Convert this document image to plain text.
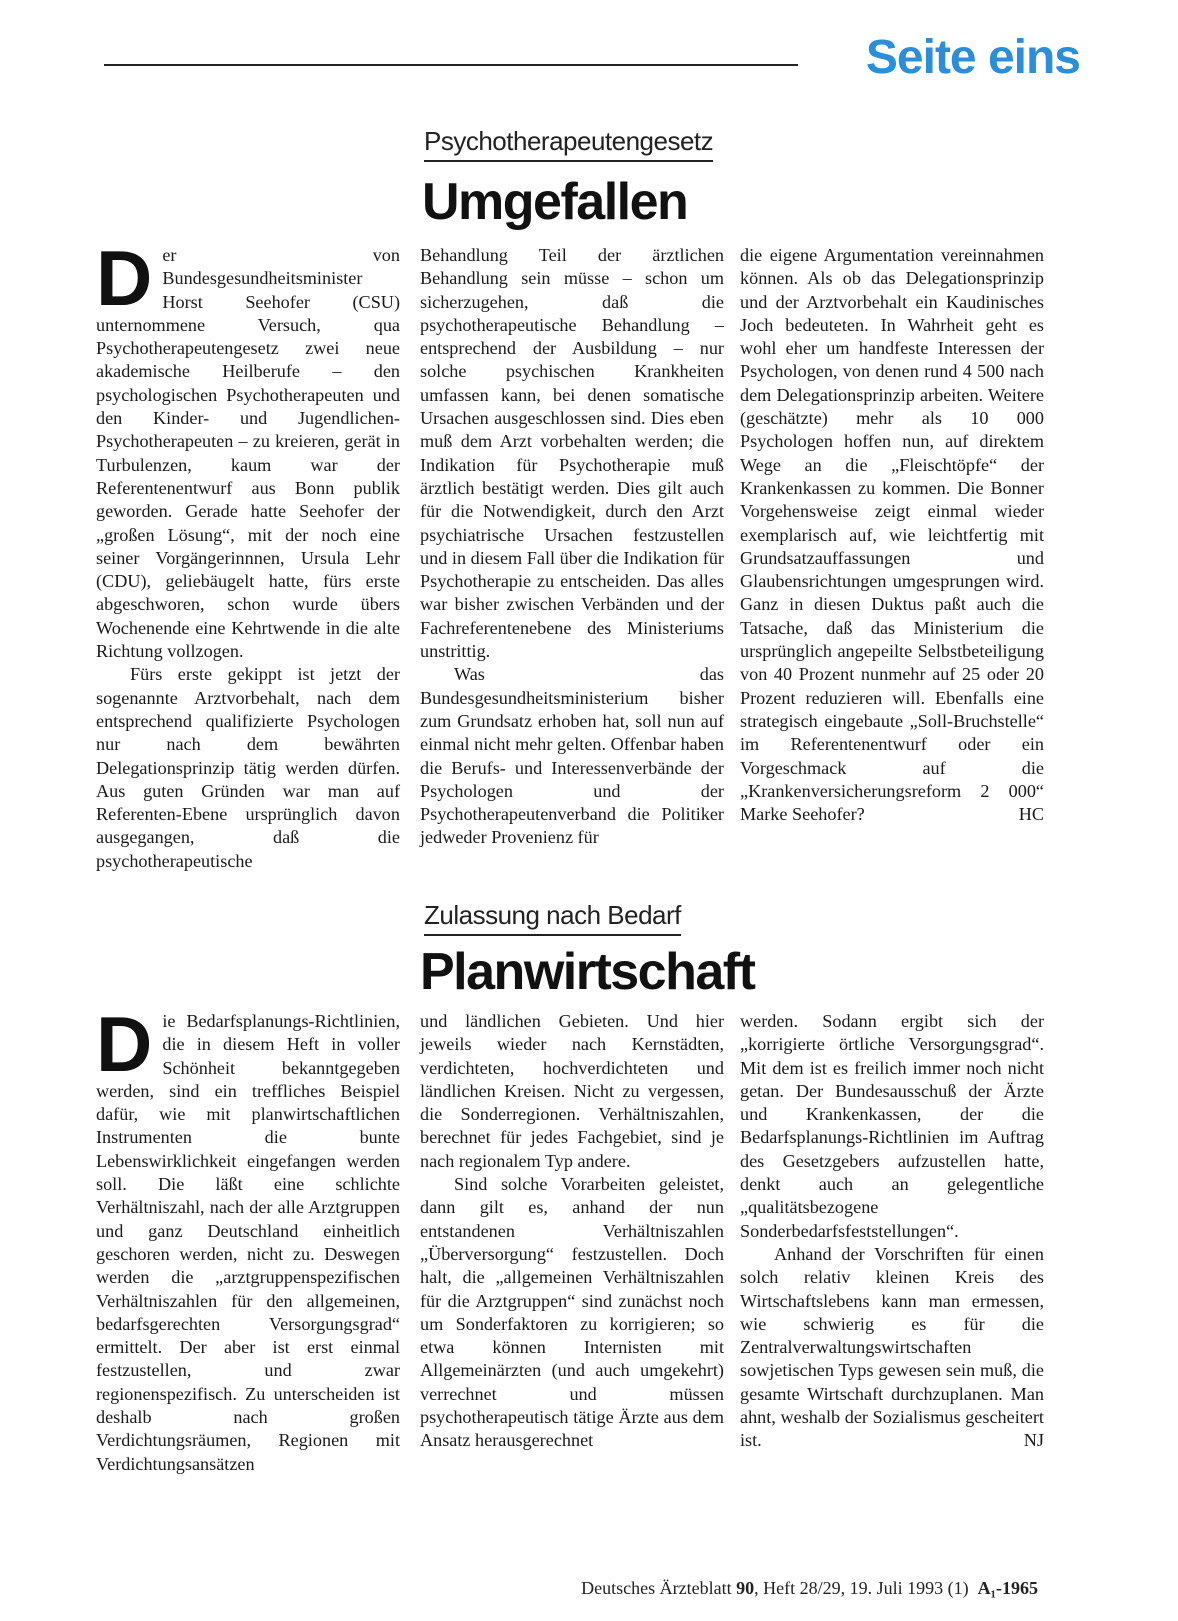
Seite eins
Psychotherapeutengesetz
Umgefallen

Der von Bundesgesundheitsminister Horst Seehofer (CSU) unternommene Versuch, qua Psychotherapeutengesetz zwei neue akademische Heilberufe – den psychologischen Psychotherapeuten und den Kinder- und Jugendlichen-Psychotherapeuten – zu kreieren, gerät in Turbulenzen, kaum war der Referentenentwurf aus Bonn publik geworden. Gerade hatte Seehofer der „großen Lösung“, mit der noch eine seiner Vorgängerinnnen, Ursula Lehr (CDU), geliebäugelt hatte, fürs erste abgeschworen, schon wurde übers Wochenende eine Kehrtwende in die alte Richtung vollzogen.

Fürs erste gekippt ist jetzt der sogenannte Arztvorbehalt, nach dem entsprechend qualifizierte Psychologen nur nach dem bewährten Delegationsprinzip tätig werden dürfen. Aus guten Gründen war man auf Referenten-Ebene ursprünglich davon ausgegangen, daß die psychotherapeutische

Behandlung Teil der ärztlichen Behandlung sein müsse – schon um sicherzugehen, daß die psychotherapeutische Behandlung – entsprechend der Ausbildung – nur solche psychischen Krankheiten umfassen kann, bei denen somatische Ursachen ausgeschlossen sind. Dies eben muß dem Arzt vorbehalten werden; die Indikation für Psychotherapie muß ärztlich bestätigt werden. Dies gilt auch für die Notwendigkeit, durch den Arzt psychiatrische Ursachen festzustellen und in diesem Fall über die Indikation für Psychotherapie zu entscheiden. Das alles war bisher zwischen Verbänden und der Fachreferentenebene des Ministeriums unstrittig.

Was das Bundesgesundheitsministerium bisher zum Grundsatz erhoben hat, soll nun auf einmal nicht mehr gelten. Offenbar haben die Berufs- und Interessenverbände der Psychologen und der Psychotherapeutenverband die Politiker jedweder Provenienz für

die eigene Argumentation vereinnahmen können. Als ob das Delegationsprinzip und der Arztvorbehalt ein Kaudinisches Joch bedeuteten. In Wahrheit geht es wohl eher um handfeste Interessen der Psychologen, von denen rund 4 500 nach dem Delegationsprinzip arbeiten. Weitere (geschätzte) mehr als 10 000 Psychologen hoffen nun, auf direktem Wege an die „Fleischtöpfe“ der Krankenkassen zu kommen. Die Bonner Vorgehensweise zeigt einmal wieder exemplarisch auf, wie leichtfertig mit Grundsatzauffassungen und Glaubensrichtungen umgesprungen wird. Ganz in diesen Duktus paßt auch die Tatsache, daß das Ministerium die ursprünglich angepeilte Selbstbeteiligung von 40 Prozent nunmehr auf 25 oder 20 Prozent reduzieren will. Ebenfalls eine strategisch eingebaute „Soll-Bruchstelle“ im Referentenentwurf oder ein Vorgeschmack auf die „Krankenversicherungsreform 2 000“ Marke Seehofer?	HC

Zulassung nach Bedarf
Planwirtschaft

Die Bedarfsplanungs-Richtlinien, die in diesem Heft in voller Schönheit bekanntgegeben werden, sind ein treffliches Beispiel dafür, wie mit planwirtschaftlichen Instrumenten die bunte Lebenswirklichkeit eingefangen werden soll. Die läßt eine schlichte Verhältniszahl, nach der alle Arztgruppen und ganz Deutschland einheitlich geschoren werden, nicht zu. Deswegen werden die „arztgruppenspezifischen Verhältniszahlen für den allgemeinen, bedarfsgerechten Versorgungsgrad“ ermittelt. Der aber ist erst einmal festzustellen, und zwar regionenspezifisch. Zu unterscheiden ist deshalb nach großen Verdichtungsräumen, Regionen mit Verdichtungsansätzen

und ländlichen Gebieten. Und hier jeweils wieder nach Kernstädten, verdichteten, hochverdichteten und ländlichen Kreisen. Nicht zu vergessen, die Sonderregionen. Verhältniszahlen, berechnet für jedes Fachgebiet, sind je nach regionalem Typ andere.

Sind solche Vorarbeiten geleistet, dann gilt es, anhand der nun entstandenen Verhältniszahlen „Überversorgung“ festzustellen. Doch halt, die „allgemeinen Verhältniszahlen für die Arztgruppen“ sind zunächst noch um Sonderfaktoren zu korrigieren; so etwa können Internisten mit Allgemeinärzten (und auch umgekehrt) verrechnet und müssen psychotherapeutisch tätige Ärzte aus dem Ansatz herausgerechnet

werden. Sodann ergibt sich der „korrigierte örtliche Versorgungsgrad“. Mit dem ist es freilich immer noch nicht getan. Der Bundesausschuß der Ärzte und Krankenkassen, der die Bedarfsplanungs-Richtlinien im Auftrag des Gesetzgebers aufzustellen hatte, denkt auch an gelegentliche „qualitätsbezogene Sonderbedarfsfeststellungen“.

Anhand der Vorschriften für einen solch relativ kleinen Kreis des Wirtschaftslebens kann man ermessen, wie schwierig es für die Zentralverwaltungswirtschaften sowjetischen Typs gewesen sein muß, die gesamte Wirtschaft durchzuplanen. Man ahnt, weshalb der Sozialismus gescheitert ist.	NJ

Deutsches Ärzteblatt 90, Heft 28/29, 19. Juli 1993 (1) A₁-1965
